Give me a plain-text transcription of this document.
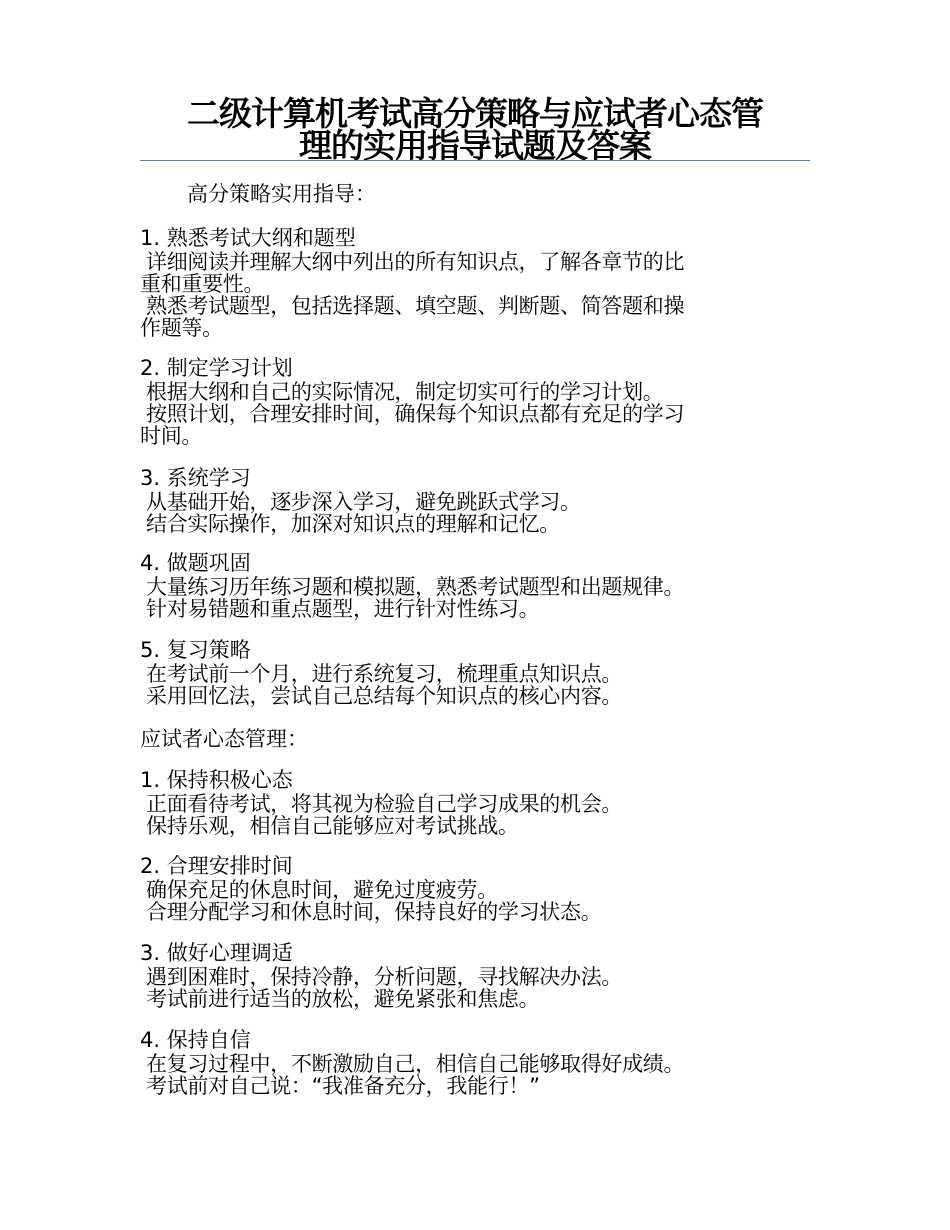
二级计算机考试高分策略与应试者心态管
理的实用指导试题及答案

高分策略实用指导：

1. 熟悉考试大纲和题型

详细阅读并理解大纲中列出的所有知识点，了解各章节的比
重和重要性。

熟悉考试题型，包括选择题、填空题、判断题、简答题和操
作题等。

2. 制定学习计划

根据大纲和自己的实际情况，制定切实可行的学习计划。

按照计划，合理安排时间，确保每个知识点都有充足的学习
时间。

3. 系统学习

从基础开始，逐步深入学习，避免跳跃式学习。

结合实际操作，加深对知识点的理解和记忆。

4. 做题巩固

大量练习历年练习题和模拟题，熟悉考试题型和出题规律。

针对易错题和重点题型，进行针对性练习。

5. 复习策略

在考试前一个月，进行系统复习，梳理重点知识点。

采用回忆法，尝试自己总结每个知识点的核心内容。

应试者心态管理：

1. 保持积极心态

正面看待考试，将其视为检验自己学习成果的机会。

保持乐观，相信自己能够应对考试挑战。

2. 合理安排时间

确保充足的休息时间，避免过度疲劳。

合理分配学习和休息时间，保持良好的学习状态。

3. 做好心理调适

遇到困难时，保持冷静，分析问题，寻找解决办法。

考试前进行适当的放松，避免紧张和焦虑。

4. 保持自信

在复习过程中，不断激励自己，相信自己能够取得好成绩。

考试前对自己说：“我准备充分，我能行！”
